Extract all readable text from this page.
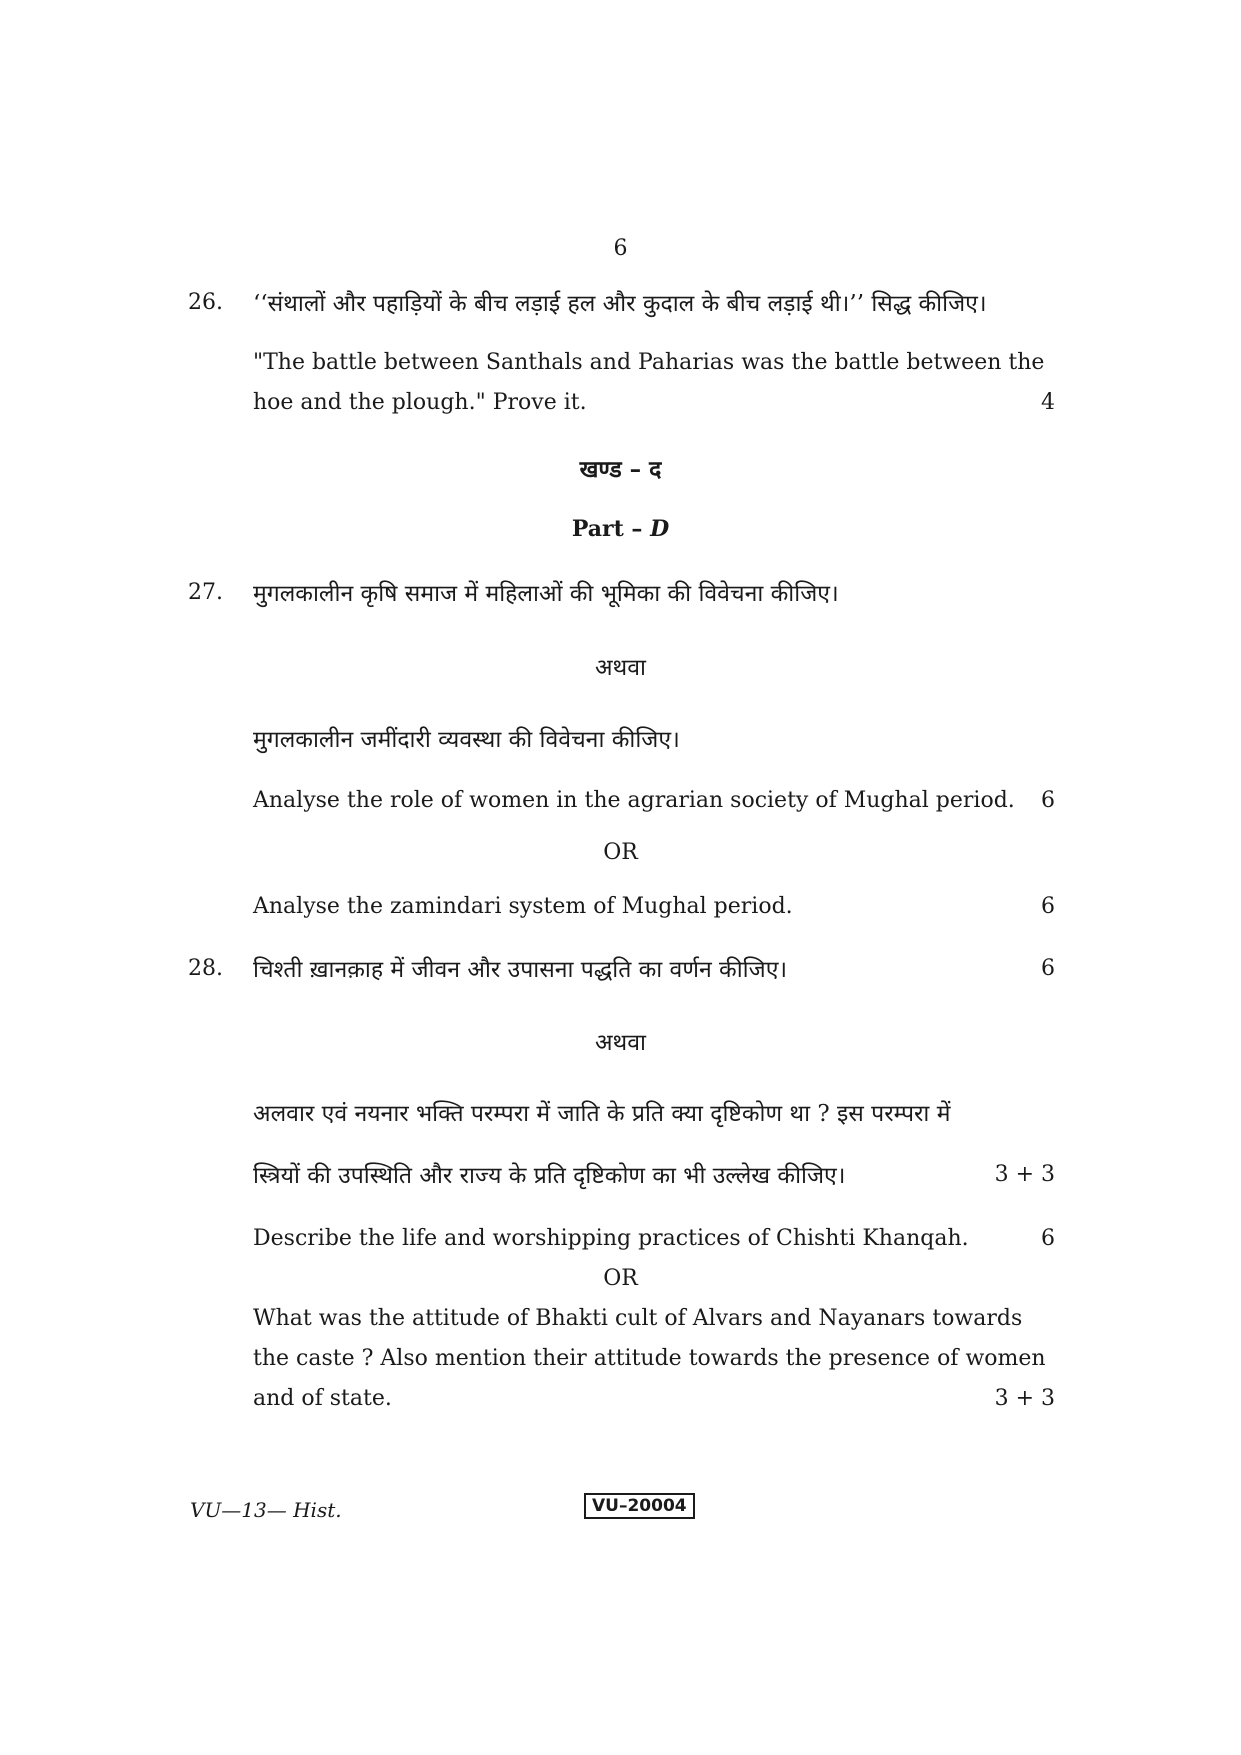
6
26. ‘‘संथालों और पहाड़ियों के बीच लड़ाई हल और कुदाल के बीच लड़ाई थी।’’ सिद्ध कीजिए।
"The battle between Santhals and Paharias was the battle between the
hoe and the plough." Prove it.	4
खण्ड – द
Part – D
27. मुगलकालीन कृषि समाज में महिलाओं की भूमिका की विवेचना कीजिए।
अथवा
मुगलकालीन जमींदारी व्यवस्था की विवेचना कीजिए।
Analyse the role of women in the agrarian society of Mughal period. 6
OR
Analyse the zamindari system of Mughal period.	6
28. चिश्ती ख़ानक़ाह में जीवन और उपासना पद्धति का वर्णन कीजिए।	6
अथवा
अलवार एवं नयनार भक्ति परम्परा में जाति के प्रति क्या दृष्टिकोण था ? इस परम्परा में
स्त्रियों की उपस्थिति और राज्य के प्रति दृष्टिकोण का भी उल्लेख कीजिए।	3 + 3
Describe the life and worshipping practices of Chishti Khanqah.	6
OR
What was the attitude of Bhakti cult of Alvars and Nayanars towards
the caste ? Also mention their attitude towards the presence of women
and of state.	3 + 3
VU—13— Hist.	VU–20004
